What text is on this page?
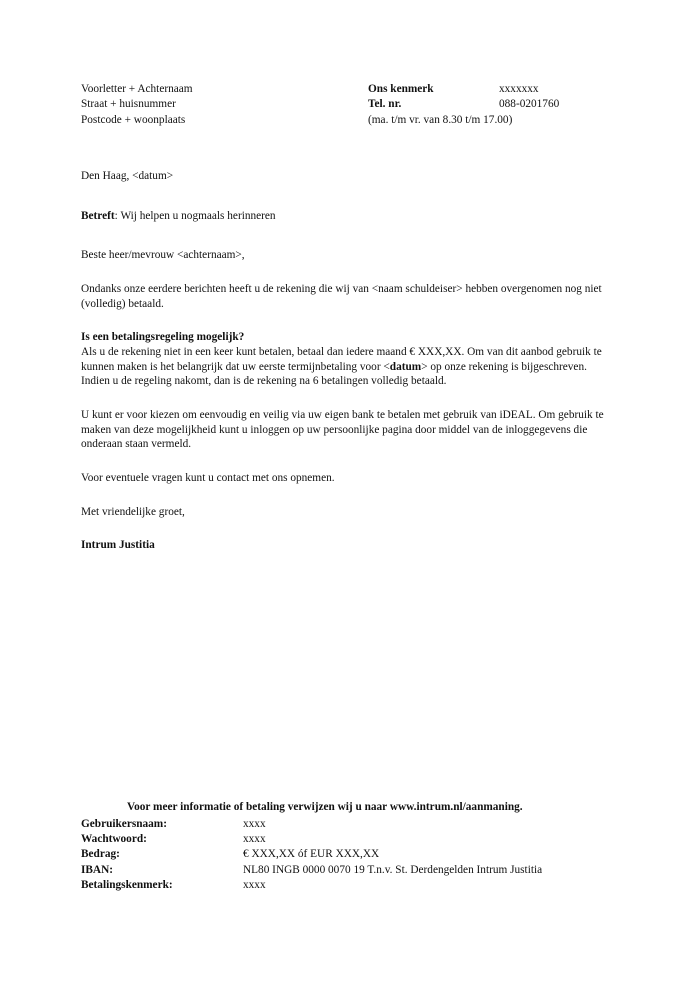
Voorletter + Achternaam
Straat + huisnummer
Postcode + woonplaats
Ons kenmerk	xxxxxxx
Tel. nr.	088-0201760
(ma. t/m vr. van 8.30 t/m 17.00)

Den Haag, <datum>

Betreft: Wij helpen u nogmaals herinneren

Beste heer/mevrouw <achternaam>,

Ondanks onze eerdere berichten heeft u de rekening die wij van <naam schuldeiser> hebben overgenomen nog niet (volledig) betaald.

Is een betalingsregeling mogelijk?

Als u de rekening niet in een keer kunt betalen, betaal dan iedere maand € XXX,XX. Om van dit aanbod gebruik te kunnen maken is het belangrijk dat uw eerste termijnbetaling voor <datum> op onze rekening is bijgeschreven. Indien u de regeling nakomt, dan is de rekening na 6 betalingen volledig betaald.

U kunt er voor kiezen om eenvoudig en veilig via uw eigen bank te betalen met gebruik van iDEAL. Om gebruik te maken van deze mogelijkheid kunt u inloggen op uw persoonlijke pagina door middel van de inloggegevens die onderaan staan vermeld.

Voor eventuele vragen kunt u contact met ons opnemen.

Met vriendelijke groet,

Intrum Justitia

Voor meer informatie of betaling verwijzen wij u naar www.intrum.nl/aanmaning.

Gebruikersnaam:	xxxx
Wachtwoord:	xxxx
Bedrag:	€ XXX,XX óf EUR XXX,XX
IBAN:	NL80 INGB 0000 0070 19 T.n.v. St. Derdengelden Intrum Justitia
Betalingskenmerk:	xxxx
